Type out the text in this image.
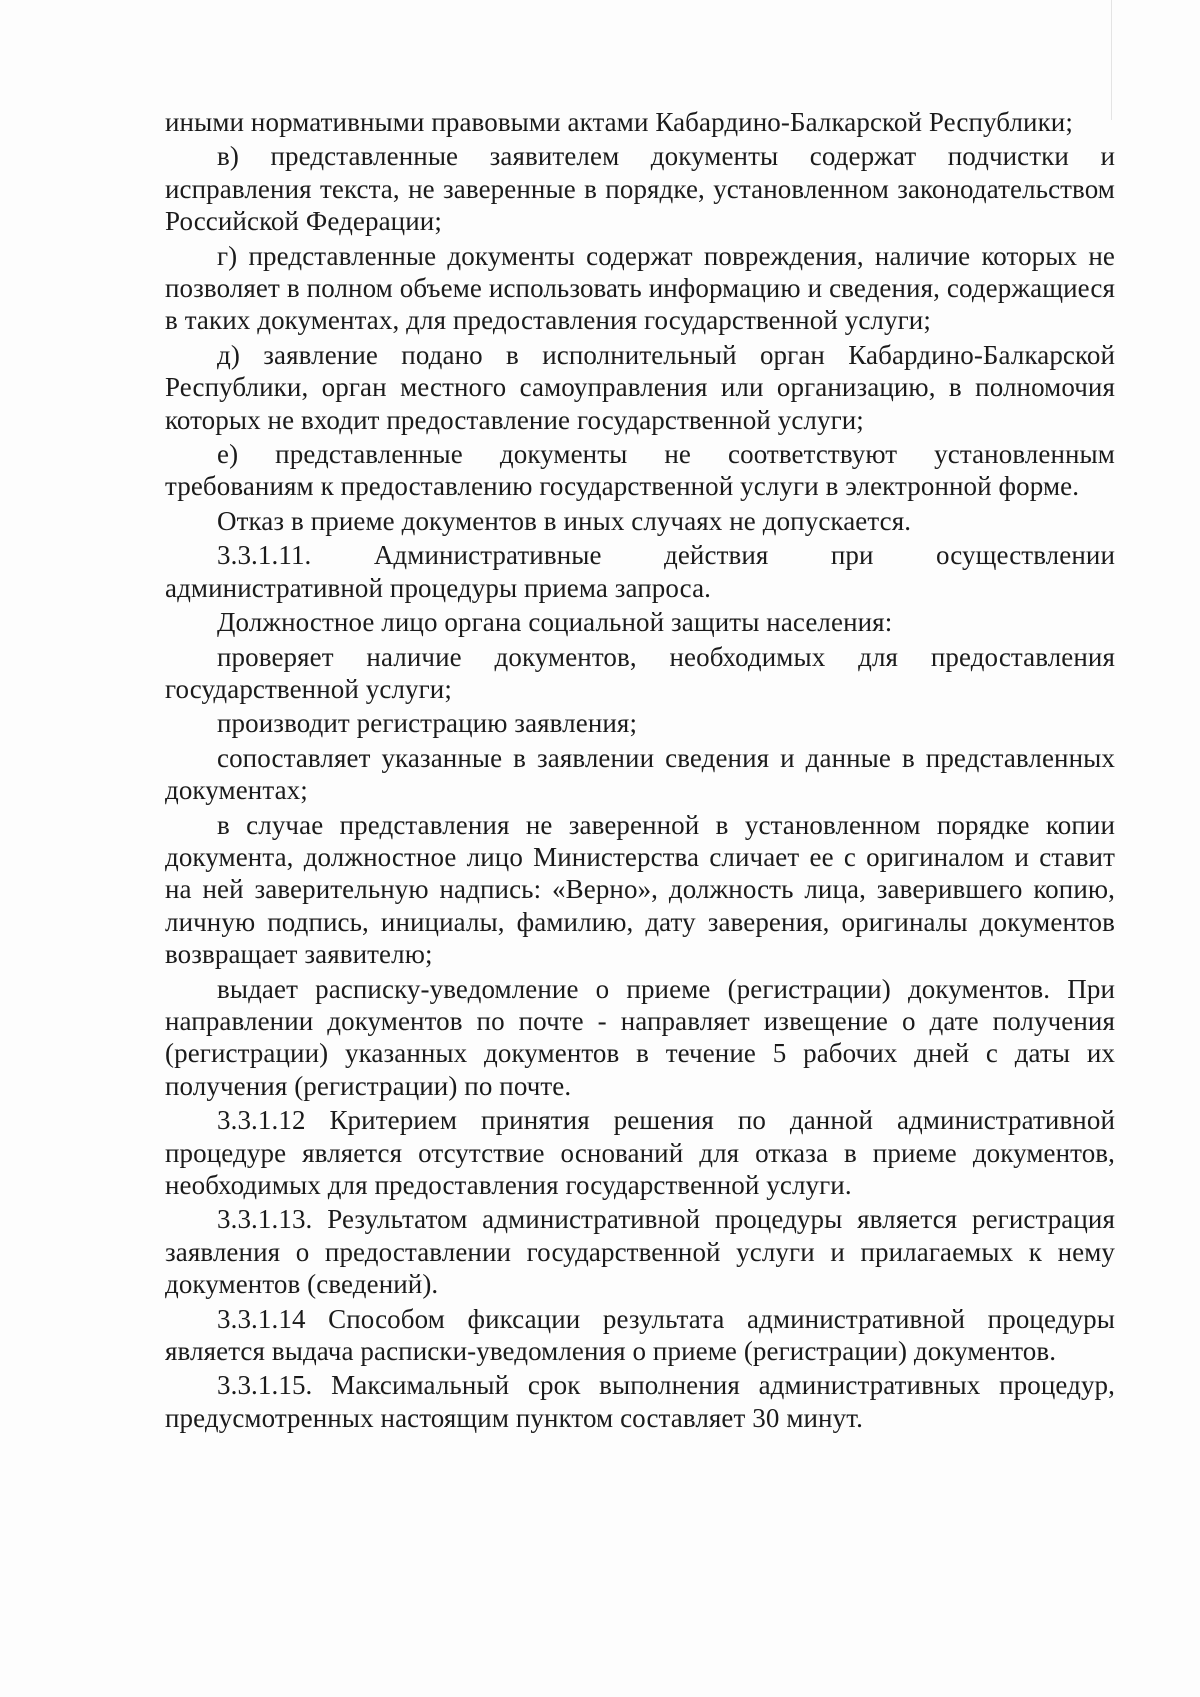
иными нормативными правовыми актами Кабардино-Балкарской Республики;

в) представленные заявителем документы содержат подчистки и исправления текста, не заверенные в порядке, установленном законодательством Российской Федерации;

г) представленные документы содержат повреждения, наличие которых не позволяет в полном объеме использовать информацию и сведения, содержащиеся в таких документах, для предоставления государственной услуги;

д) заявление подано в исполнительный орган Кабардино-Балкарской Республики, орган местного самоуправления или организацию, в полномочия которых не входит предоставление государственной услуги;

е) представленные документы не соответствуют установленным требованиям к предоставлению государственной услуги в электронной форме.

Отказ в приеме документов в иных случаях не допускается.

3.3.1.11. Административные действия при осуществлении административной процедуры приема запроса.

Должностное лицо органа социальной защиты населения:

проверяет наличие документов, необходимых для предоставления государственной услуги;

производит регистрацию заявления;

сопоставляет указанные в заявлении сведения и данные в представленных документах;

в случае представления не заверенной в установленном порядке копии документа, должностное лицо Министерства сличает ее с оригиналом и ставит на ней заверительную надпись: «Верно», должность лица, заверившего копию, личную подпись, инициалы, фамилию, дату заверения, оригиналы документов возвращает заявителю;

выдает расписку-уведомление о приеме (регистрации) документов. При направлении документов по почте - направляет извещение о дате получения (регистрации) указанных документов в течение 5 рабочих дней с даты их получения (регистрации) по почте.

3.3.1.12 Критерием принятия решения по данной административной процедуре является отсутствие оснований для отказа в приеме документов, необходимых для предоставления государственной услуги.

3.3.1.13. Результатом административной процедуры является регистрация заявления о предоставлении государственной услуги и прилагаемых к нему документов (сведений).

3.3.1.14 Способом фиксации результата административной процедуры является выдача расписки-уведомления о приеме (регистрации) документов.

3.3.1.15. Максимальный срок выполнения административных процедур, предусмотренных настоящим пунктом составляет 30 минут.
